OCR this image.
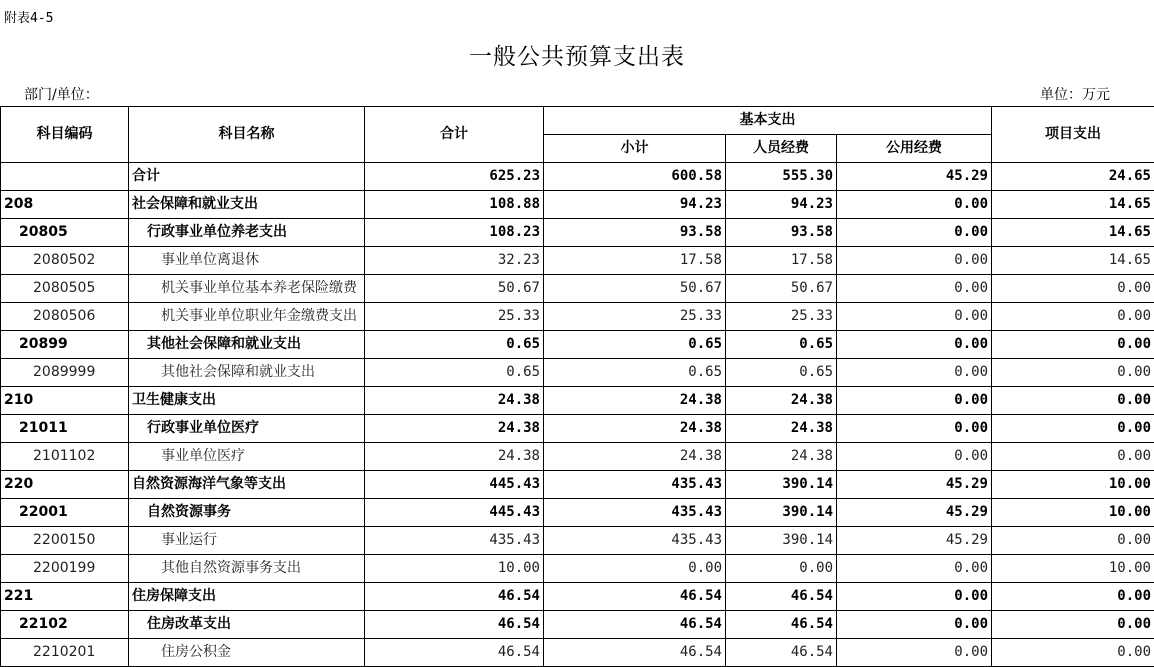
附表4-5
一般公共预算支出表
部门/单位：	单位：万元
科目编码	科目名称	合计	基本支出			项目支出
			小计	人员经费	公用经费	
	合计	625.23	600.58	555.30	45.29	24.65
208	社会保障和就业支出	108.88	94.23	94.23	0.00	14.65
20805	行政事业单位养老支出	108.23	93.58	93.58	0.00	14.65
2080502	事业单位离退休	32.23	17.58	17.58	0.00	14.65
2080505	机关事业单位基本养老保险缴费	50.67	50.67	50.67	0.00	0.00
2080506	机关事业单位职业年金缴费支出	25.33	25.33	25.33	0.00	0.00
20899	其他社会保障和就业支出	0.65	0.65	0.65	0.00	0.00
2089999	其他社会保障和就业支出	0.65	0.65	0.65	0.00	0.00
210	卫生健康支出	24.38	24.38	24.38	0.00	0.00
21011	行政事业单位医疗	24.38	24.38	24.38	0.00	0.00
2101102	事业单位医疗	24.38	24.38	24.38	0.00	0.00
220	自然资源海洋气象等支出	445.43	435.43	390.14	45.29	10.00
22001	自然资源事务	445.43	435.43	390.14	45.29	10.00
2200150	事业运行	435.43	435.43	390.14	45.29	0.00
2200199	其他自然资源事务支出	10.00	0.00	0.00	0.00	10.00
221	住房保障支出	46.54	46.54	46.54	0.00	0.00
22102	住房改革支出	46.54	46.54	46.54	0.00	0.00
2210201	住房公积金	46.54	46.54	46.54	0.00	0.00
